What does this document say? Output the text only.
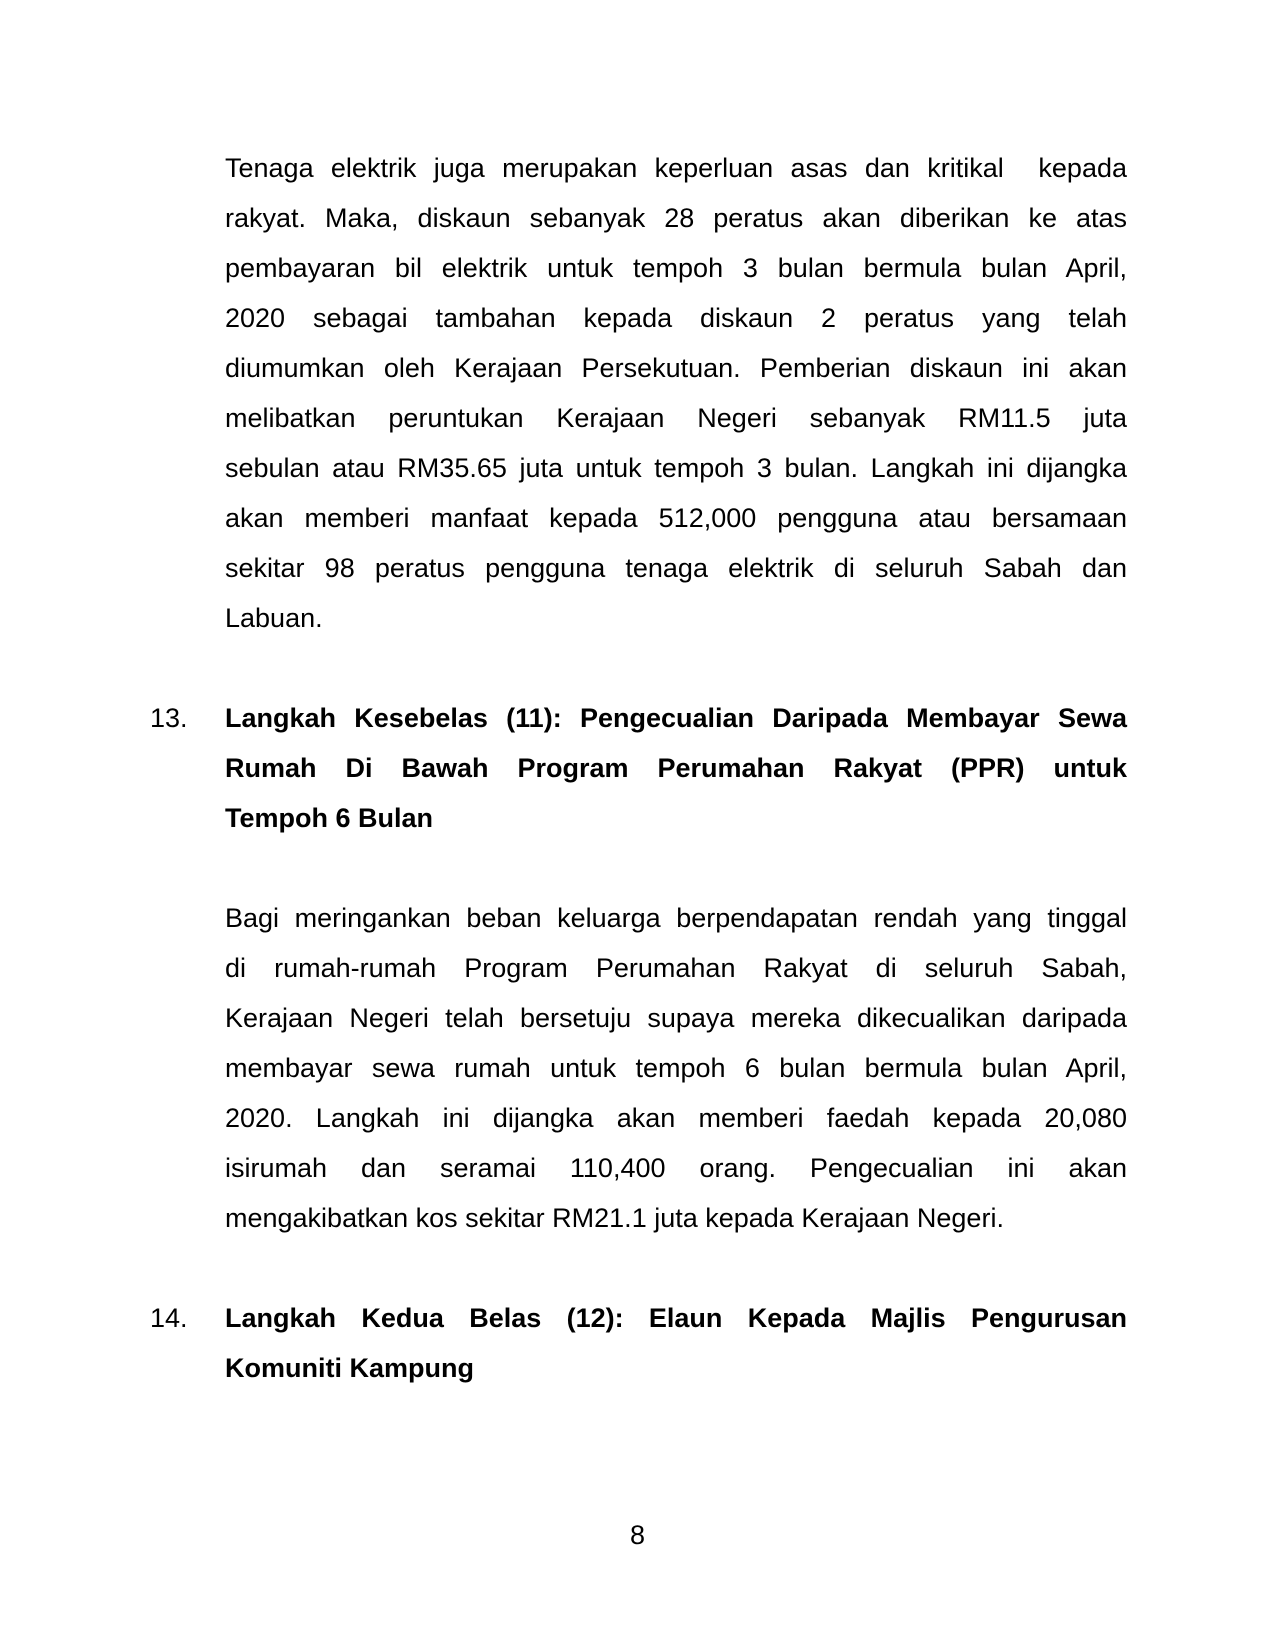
Tenaga elektrik juga merupakan keperluan asas dan kritikal  kepada
rakyat. Maka, diskaun sebanyak 28 peratus akan diberikan ke atas
pembayaran bil elektrik untuk tempoh 3 bulan bermula bulan April,
2020 sebagai tambahan kepada diskaun 2 peratus yang telah
diumumkan oleh Kerajaan Persekutuan. Pemberian diskaun ini akan
melibatkan peruntukan Kerajaan Negeri sebanyak RM11.5 juta
sebulan atau RM35.65 juta untuk tempoh 3 bulan. Langkah ini dijangka
akan memberi manfaat kepada 512,000 pengguna atau bersamaan
sekitar 98 peratus pengguna tenaga elektrik di seluruh Sabah dan
Labuan.
13.	Langkah Kesebelas (11): Pengecualian Daripada Membayar Sewa
Rumah Di Bawah Program Perumahan Rakyat (PPR) untuk
Tempoh 6 Bulan
Bagi meringankan beban keluarga berpendapatan rendah yang tinggal
di rumah-rumah Program Perumahan Rakyat di seluruh Sabah,
Kerajaan Negeri telah bersetuju supaya mereka dikecualikan daripada
membayar sewa rumah untuk tempoh 6 bulan bermula bulan April,
2020. Langkah ini dijangka akan memberi faedah kepada 20,080
isirumah dan seramai 110,400 orang. Pengecualian ini akan
mengakibatkan kos sekitar RM21.1 juta kepada Kerajaan Negeri.
14.	Langkah Kedua Belas (12): Elaun Kepada Majlis Pengurusan
Komuniti Kampung
8
